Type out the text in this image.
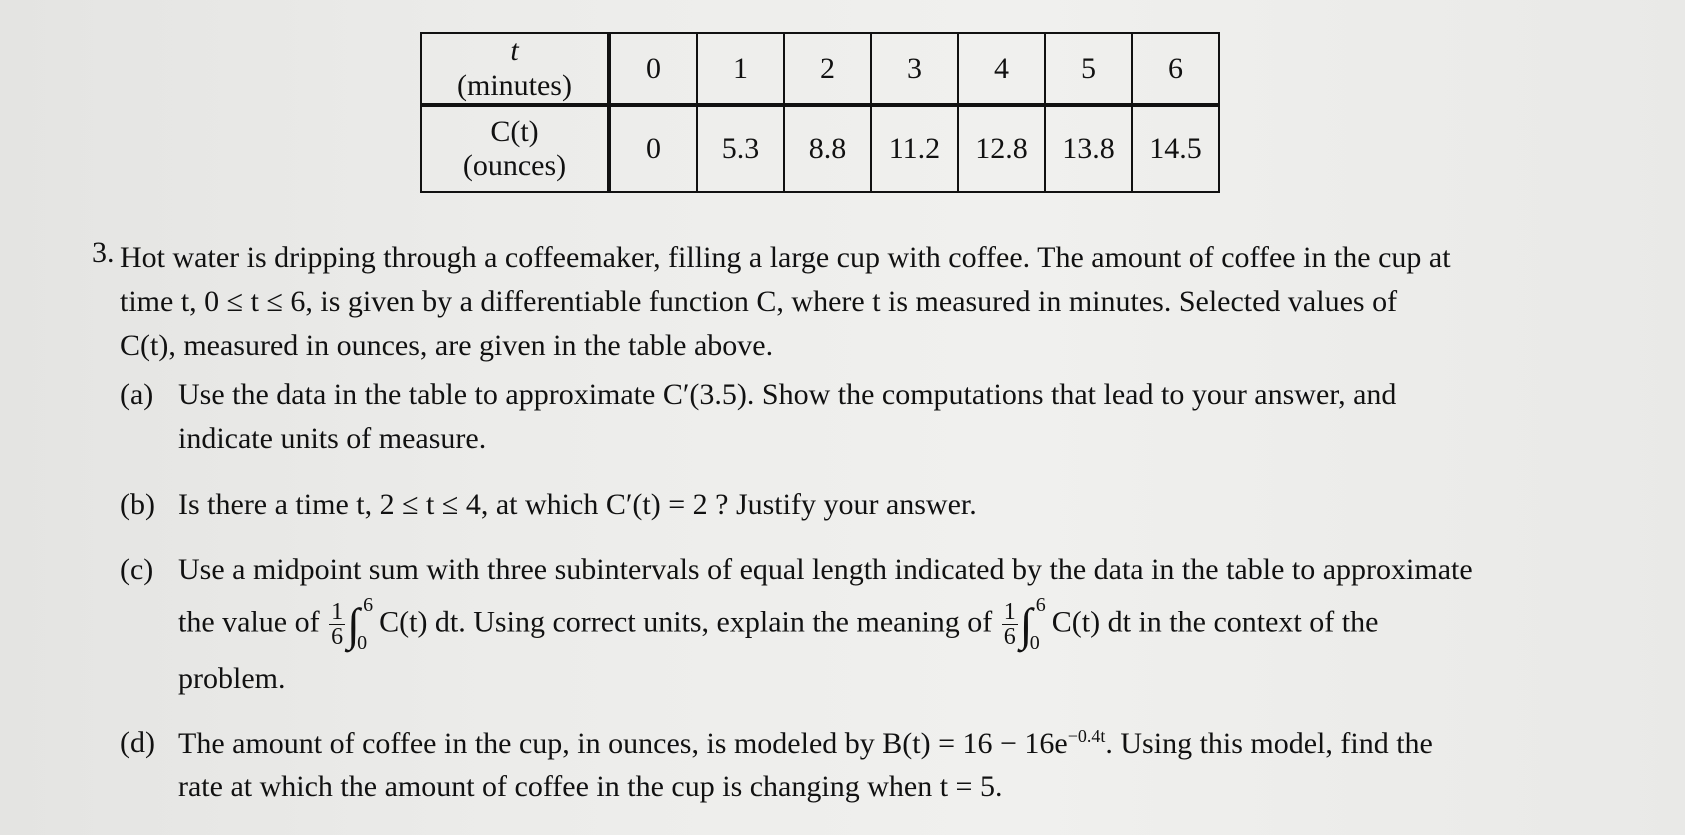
t
(minutes)	0	1	2	3	4	5	6

C(t)
(ounces)	0	5.3	8.8	11.2	12.8	13.8	14.5
3. Hot water is dripping through a coffeemaker, filling a large cup with coffee. The amount of coffee in the cup at
time t, 0 ≤ t ≤ 6, is given by a differentiable function C, where t is measured in minutes. Selected values of
C(t), measured in ounces, are given in the table above.
(a) Use the data in the table to approximate C′(3.5). Show the computations that lead to your answer, and
indicate units of measure.
(b) Is there a time t, 2 ≤ t ≤ 4, at which C′(t) = 2 ? Justify your answer.
(c) Use a midpoint sum with three subintervals of equal length indicated by the data in the table to approximate
the value of $\frac{1}{6}$ ∫ 6
0
C(t) dt. Using correct units, explain the meaning of $\frac{1}{6}$ ∫ 6
0
C(t) dt in the context of the
problem.
(d) The amount of coffee in the cup, in ounces, is modeled by $B(t) = 16 - 16e^{-0.4t}$. Using this model, find the
rate at which the amount of coffee in the cup is changing when t = 5.
